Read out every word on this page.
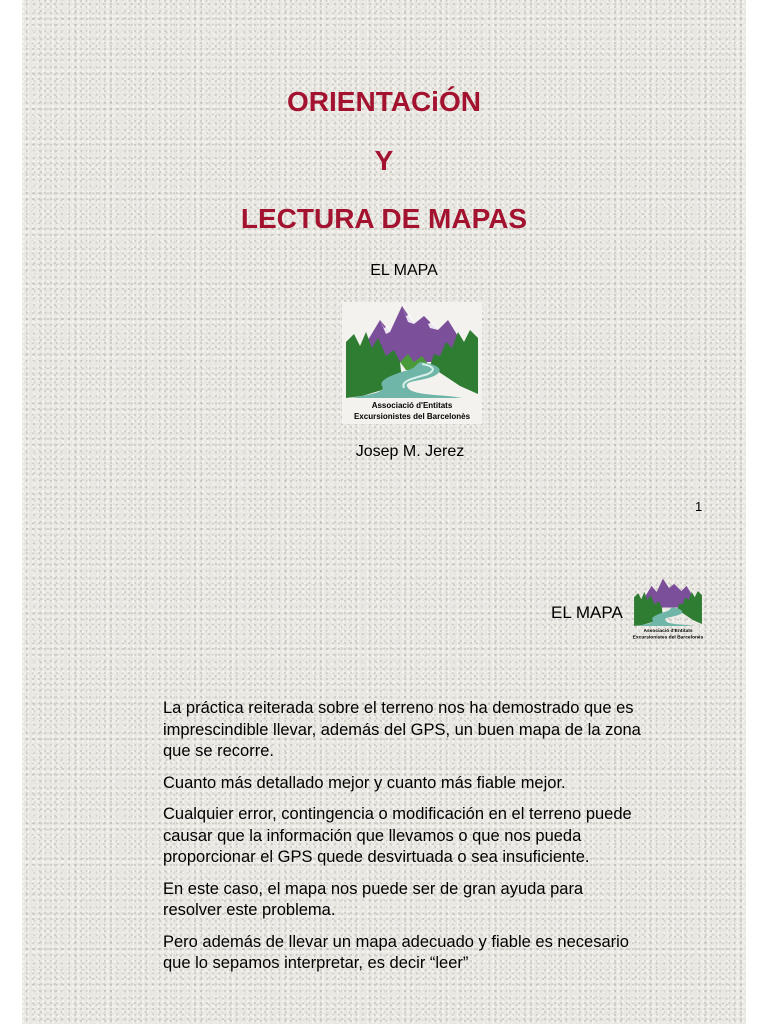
ORIENTACiÓN
Y
LECTURA DE MAPAS
EL MAPA
Associació d'Entitats
Excursionistes del Barcelonès
Josep M. Jerez
1
EL MAPA
Associació d'Entitats
Excursionistes del Barcelonès

La práctica reiterada sobre el terreno nos ha demostrado que es imprescindible llevar, además del GPS, un buen mapa de la zona que se recorre.

Cuanto más detallado mejor y cuanto más fiable mejor.

Cualquier error, contingencia o modificación en el terreno puede causar que la información que llevamos o que nos pueda proporcionar el GPS quede desvirtuada o sea insuficiente.

En este caso, el mapa nos puede ser de gran ayuda para resolver este problema.

Pero además de llevar un mapa adecuado y fiable es necesario que lo sepamos interpretar, es decir “leer”
